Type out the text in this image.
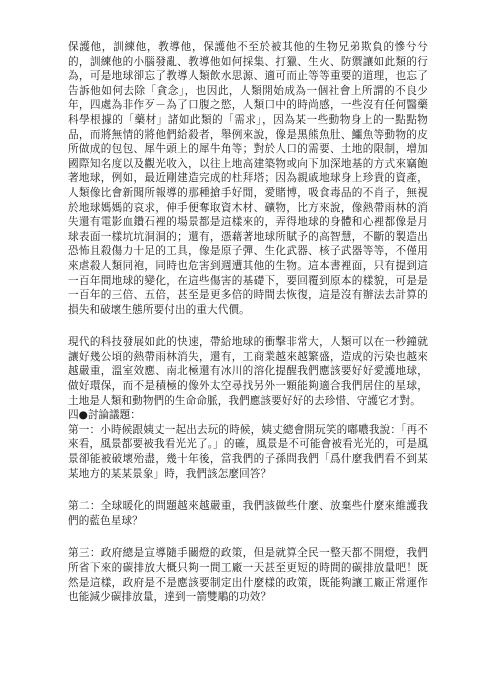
保護他，訓練他，教導他，保護他不至於被其他的生物兄弟欺負的慘兮兮的，訓練他的小腦發亂、教導他如何採集、打獵、生火、防禦讓如此類的行為，可是地球卻忘了教導人類飲水思源、適可而止等等重要的道理，也忘了告訴他如何去除「貪念」，也因此，人類開始成為一個社會上所謂的不良少年，四處為非作歹－為了口腹之慾，人類口中的時尚感，一些沒有任何醫藥科學根據的「藥材」諸如此類的「需求」，因為某一些動物身上的一點點物品，而將無情的將他們給殺者，舉例來說，像是黑熊魚肚、鱷魚等動物的皮所做成的包包、犀牛頭上的犀牛角等；對於人口的需要、土地的限制，增加國際知名度以及觀光收入，以往上地高建築物或向下加深地基的方式來竊飽著地球，例如，最近剛建造完成的杜拜塔；因為親戚地球身上珍貴的資產，人類像比會新聞所報導的那種搶手好閒，愛賭博，吸食毒品的不肖子，無視於地球媽媽的哀求，伸手便奪取資木材、礦物，比方來說，像熱帶雨林的消失還有電影血鑽石裡的場景都是這樣來的，弄得地球的身體和心裡都像是月球表面一樣坑坑洞洞的；還有，憑藉著地球所賦予的高智慧，不斷的製造出恐怖且殺傷力十足的工具，像是原子彈、生化武器、核子武器等等，不僅用來虐殺人類同袍，同時也危害到週遭其他的生物。這本書裡面，只有提到這一百年間地球的變化，在這些傷害的基礎下，要回覆到原本的樣貌，可是是一百年的三倍、五倍，甚至是更多倍的時間去恢復，這是沒有辦法去計算的損失和破壞生態所要付出的重大代價。

現代的科技發展如此的快速，帶給地球的衝擊非常大，人類可以在一秒鐘就讓好幾公頃的熱帶雨林消失，還有，工商業越來越繁盛，造成的污染也越來越嚴重，溫室效應、南北極還有冰川的溶化提醒我們應該要好好愛護地球，做好環保，而不是積極的像外太空尋找另外一顆能夠適合我們居住的星球，土地是人類和動物們的生命命脈，我們應該要好好的去珍惜、守護它才對。

四●討論議題：

第一：小時候跟姨丈一起出去玩的時候，姨丈總會開玩笑的嘟噥我說：「再不來看，風景都要被我看光光了。」的確，風景是不可能會被看光光的，可是風景卻能被破壞殆盡，幾十年後，當我們的子孫問我們「爲什麼我們看不到某某地方的某某景象」時，我們該怎麼回答？

第二：全球暖化的問題越來越嚴重，我們該做些什麼、放棄些什麼來維護我們的藍色星球？

第三：政府總是宣導隨手關燈的政策，但是就算全民一整天都不開燈，我們所省下來的碳排放大概只夠一間工廠一天甚至更短的時間的碳排放量吧！既然是這樣，政府是不是應該要制定出什麼樣的政策，既能夠讓工廠正常運作也能減少碳排放量，達到一箭雙鵰的功效？
